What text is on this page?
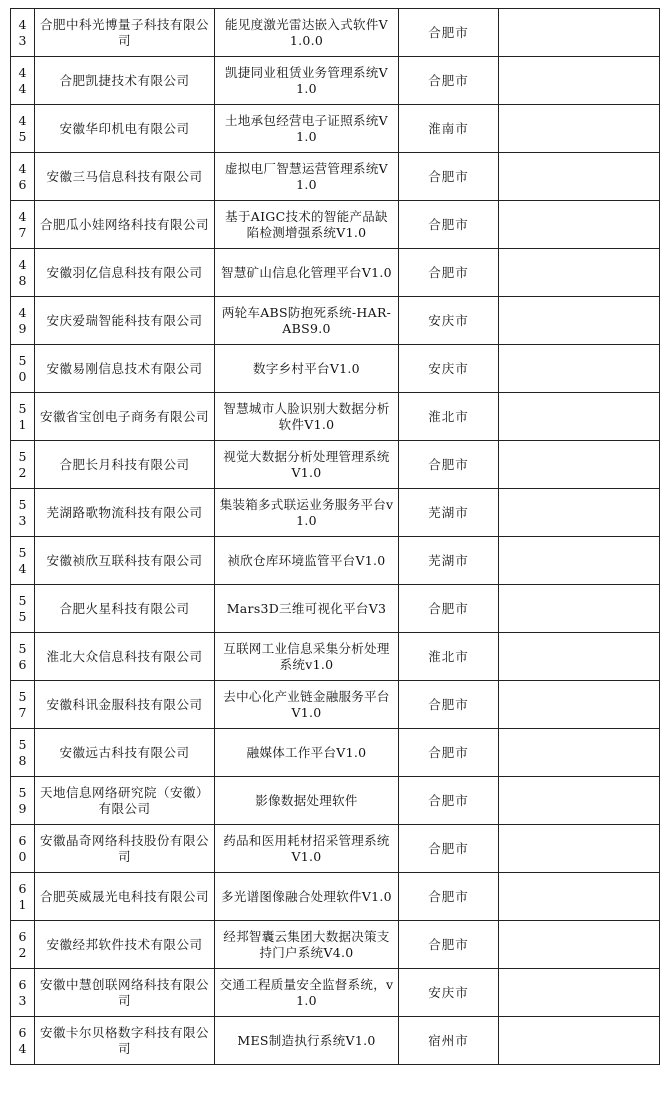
43	合肥中科光博量子科技有限公司	能见度激光雷达嵌入式软件V1.0.0	合肥市	
44	合肥凯捷技术有限公司	凯捷同业租赁业务管理系统V1.0	合肥市	
45	安徽华印机电有限公司	土地承包经营电子证照系统V1.0	淮南市	
46	安徽三马信息科技有限公司	虚拟电厂智慧运营管理系统V1.0	合肥市	
47	合肥瓜小娃网络科技有限公司	基于AIGC技术的智能产品缺陷检测增强系统V1.0	合肥市	
48	安徽羽亿信息科技有限公司	智慧矿山信息化管理平台V1.0	合肥市	
49	安庆爱瑞智能科技有限公司	两轮车ABS防抱死系统-HAR-ABS9.0	安庆市	
50	安徽易刚信息技术有限公司	数字乡村平台V1.0	安庆市	
51	安徽省宝创电子商务有限公司	智慧城市人脸识别大数据分析软件V1.0	淮北市	
52	合肥长月科技有限公司	视觉大数据分析处理管理系统V1.0	合肥市	
53	芜湖路歌物流科技有限公司	集装箱多式联运业务服务平台v1.0	芜湖市	
54	安徽祯欣互联科技有限公司	祯欣仓库环境监管平台V1.0	芜湖市	
55	合肥火星科技有限公司	Mars3D三维可视化平台V3	合肥市	
56	淮北大众信息科技有限公司	互联网工业信息采集分析处理系统v1.0	淮北市	
57	安徽科讯金服科技有限公司	去中心化产业链金融服务平台V1.0	合肥市	
58	安徽远古科技有限公司	融媒体工作平台V1.0	合肥市	
59	天地信息网络研究院（安徽）有限公司	影像数据处理软件	合肥市	
60	安徽晶奇网络科技股份有限公司	药品和医用耗材招采管理系统V1.0	合肥市	
61	合肥英威晟光电科技有限公司	多光谱图像融合处理软件V1.0	合肥市	
62	安徽经邦软件技术有限公司	经邦智囊云集团大数据决策支持门户系统V4.0	合肥市	
63	安徽中慧创联网络科技有限公司	交通工程质量安全监督系统，v1.0	安庆市	
64	安徽卡尔贝格数字科技有限公司	MES制造执行系统V1.0	宿州市	
